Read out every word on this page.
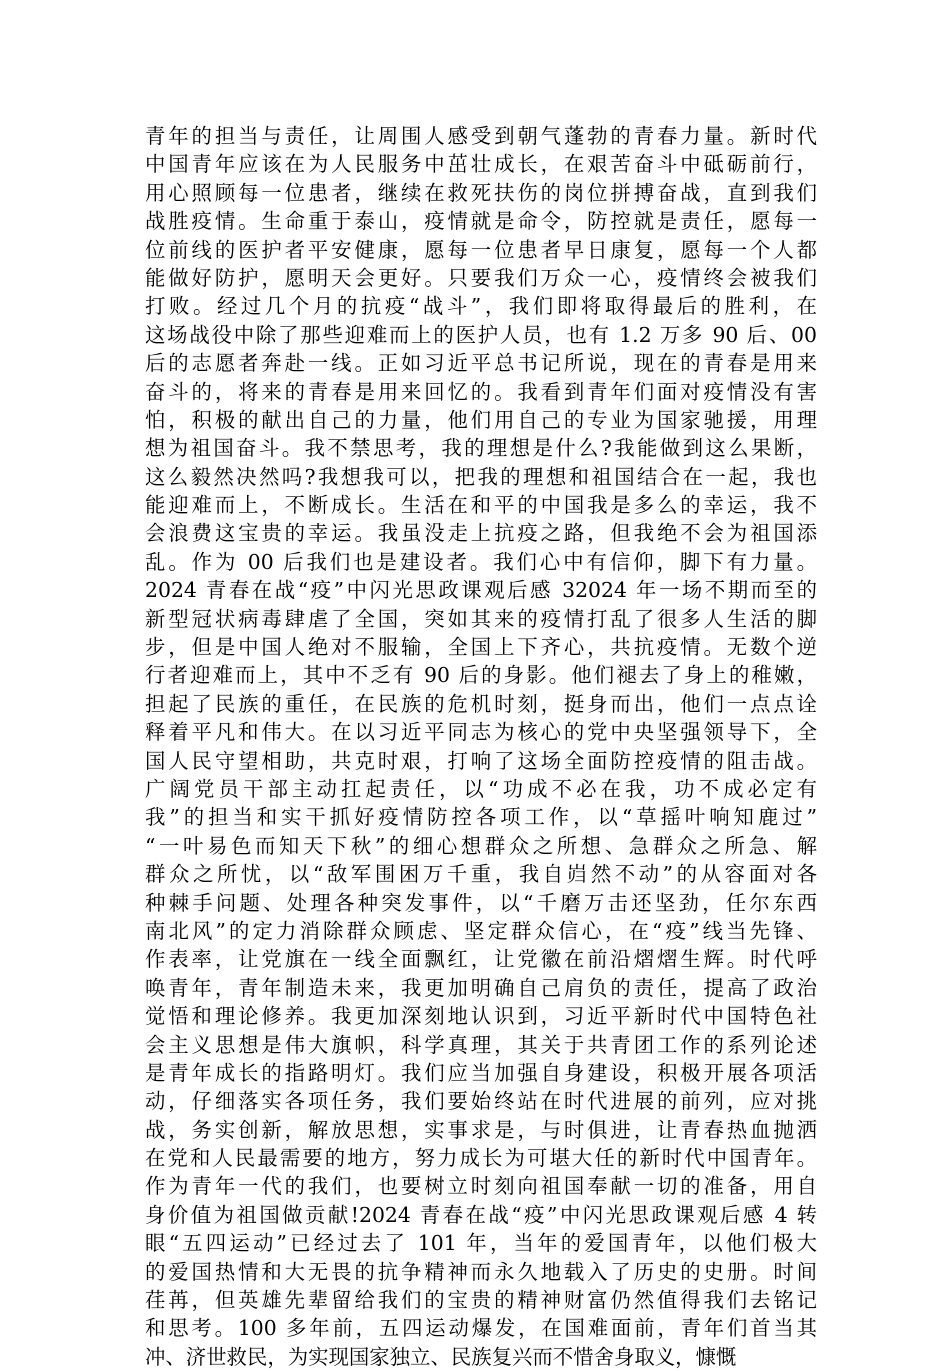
青年的担当与责任，让周围人感受到朝气蓬勃的青春力量。新时代
中国青年应该在为人民服务中茁壮成长，在艰苦奋斗中砥砺前行，
用心照顾每一位患者，继续在救死扶伤的岗位拼搏奋战，直到我们
战胜疫情。生命重于泰山，疫情就是命令，防控就是责任，愿每一
位前线的医护者平安健康，愿每一位患者早日康复，愿每一个人都
能做好防护，愿明天会更好。只要我们万众一心，疫情终会被我们
打败。经过几个月的抗疫“战斗”，我们即将取得最后的胜利，在
这场战役中除了那些迎难而上的医护人员，也有 1.2 万多 90 后、00
后的志愿者奔赴一线。正如习近平总书记所说，现在的青春是用来
奋斗的，将来的青春是用来回忆的。我看到青年们面对疫情没有害
怕，积极的献出自己的力量，他们用自己的专业为国家驰援，用理
想为祖国奋斗。我不禁思考，我的理想是什么?我能做到这么果断，
这么毅然决然吗?我想我可以，把我的理想和祖国结合在一起，我也
能迎难而上，不断成长。生活在和平的中国我是多么的幸运，我不
会浪费这宝贵的幸运。我虽没走上抗疫之路，但我绝不会为祖国添
乱。作为 00 后我们也是建设者。我们心中有信仰，脚下有力量。
2024 青春在战“疫”中闪光思政课观后感 32024 年一场不期而至的
新型冠状病毒肆虐了全国，突如其来的疫情打乱了很多人生活的脚
步，但是中国人绝对不服输，全国上下齐心，共抗疫情。无数个逆
行者迎难而上，其中不乏有 90 后的身影。他们褪去了身上的稚嫩，
担起了民族的重任，在民族的危机时刻，挺身而出，他们一点点诠
释着平凡和伟大。在以习近平同志为核心的党中央坚强领导下，全
国人民守望相助，共克时艰，打响了这场全面防控疫情的阻击战。
广阔党员干部主动扛起责任，以“功成不必在我，功不成必定有
我”的担当和实干抓好疫情防控各项工作，以“草摇叶响知鹿过”
“一叶易色而知天下秋”的细心想群众之所想、急群众之所急、解
群众之所忧，以“敌军围困万千重，我自岿然不动”的从容面对各
种棘手问题、处理各种突发事件，以“千磨万击还坚劲，任尔东西
南北风”的定力消除群众顾虑、坚定群众信心，在“疫”线当先锋、
作表率，让党旗在一线全面飘红，让党徽在前沿熠熠生辉。时代呼
唤青年，青年制造未来，我更加明确自己肩负的责任，提高了政治
觉悟和理论修养。我更加深刻地认识到，习近平新时代中国特色社
会主义思想是伟大旗帜，科学真理，其关于共青团工作的系列论述
是青年成长的指路明灯。我们应当加强自身建设，积极开展各项活
动，仔细落实各项任务，我们要始终站在时代进展的前列，应对挑
战，务实创新，解放思想，实事求是，与时俱进，让青春热血抛洒
在党和人民最需要的地方，努力成长为可堪大任的新时代中国青年。
作为青年一代的我们，也要树立时刻向祖国奉献一切的准备，用自
身价值为祖国做贡献!2024 青春在战“疫”中闪光思政课观后感 4 转
眼“五四运动”已经过去了 101 年，当年的爱国青年，以他们极大
的爱国热情和大无畏的抗争精神而永久地载入了历史的史册。时间
荏苒，但英雄先辈留给我们的宝贵的精神财富仍然值得我们去铭记
和思考。100 多年前，五四运动爆发，在国难面前，青年们首当其
冲、济世救民，为实现国家独立、民族复兴而不惜舍身取义，慷慨
